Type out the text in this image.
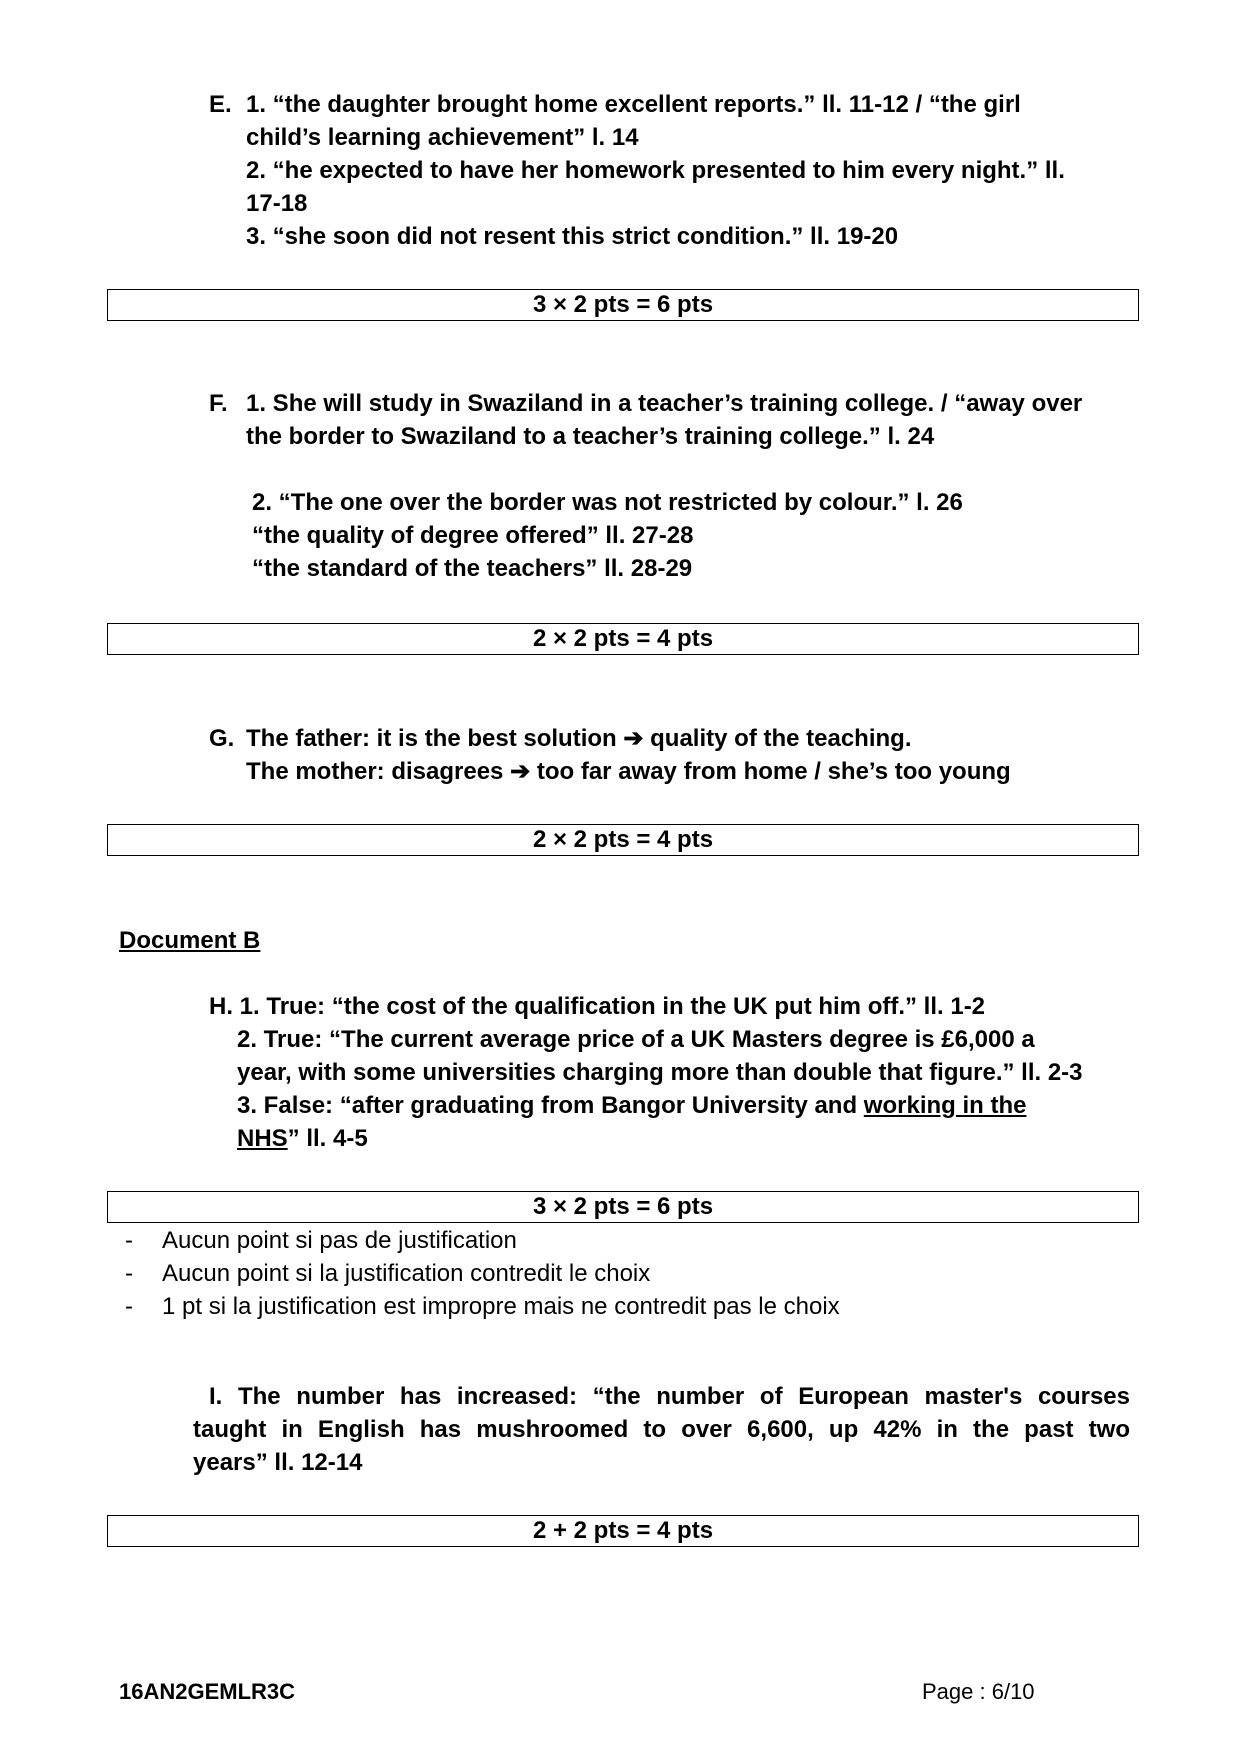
E. 1. “the daughter brought home excellent reports.” ll. 11-12 / “the girl
child’s learning achievement” l. 14
2. “he expected to have her homework presented to him every night.” ll.
17-18
3. “she soon did not resent this strict condition.” ll. 19-20
3 × 2 pts = 6 pts
F. 1. She will study in Swaziland in a teacher’s training college. / “away over
the border to Swaziland to a teacher’s training college.” l. 24
2. “The one over the border was not restricted by colour.” l. 26
“the quality of degree offered” ll. 27-28
“the standard of the teachers” ll. 28-29
2 × 2 pts = 4 pts
G. The father: it is the best solution ➔ quality of the teaching.
The mother: disagrees ➔ too far away from home / she’s too young
2 × 2 pts = 4 pts
Document B
H. 1. True: “the cost of the qualification in the UK put him off.” ll. 1-2
2. True: “The current average price of a UK Masters degree is £6,000 a
year, with some universities charging more than double that figure.” ll. 2-3
3. False: “after graduating from Bangor University and working in the
NHS” ll. 4-5
3 × 2 pts = 6 pts
- Aucun point si pas de justification
- Aucun point si la justification contredit le choix
- 1 pt si la justification est impropre mais ne contredit pas le choix
I. The number has increased: “the number of European master's courses
taught in English has mushroomed to over 6,600, up 42% in the past two
years” ll. 12-14
2 + 2 pts = 4 pts
16AN2GEMLR3C	Page : 6/10
